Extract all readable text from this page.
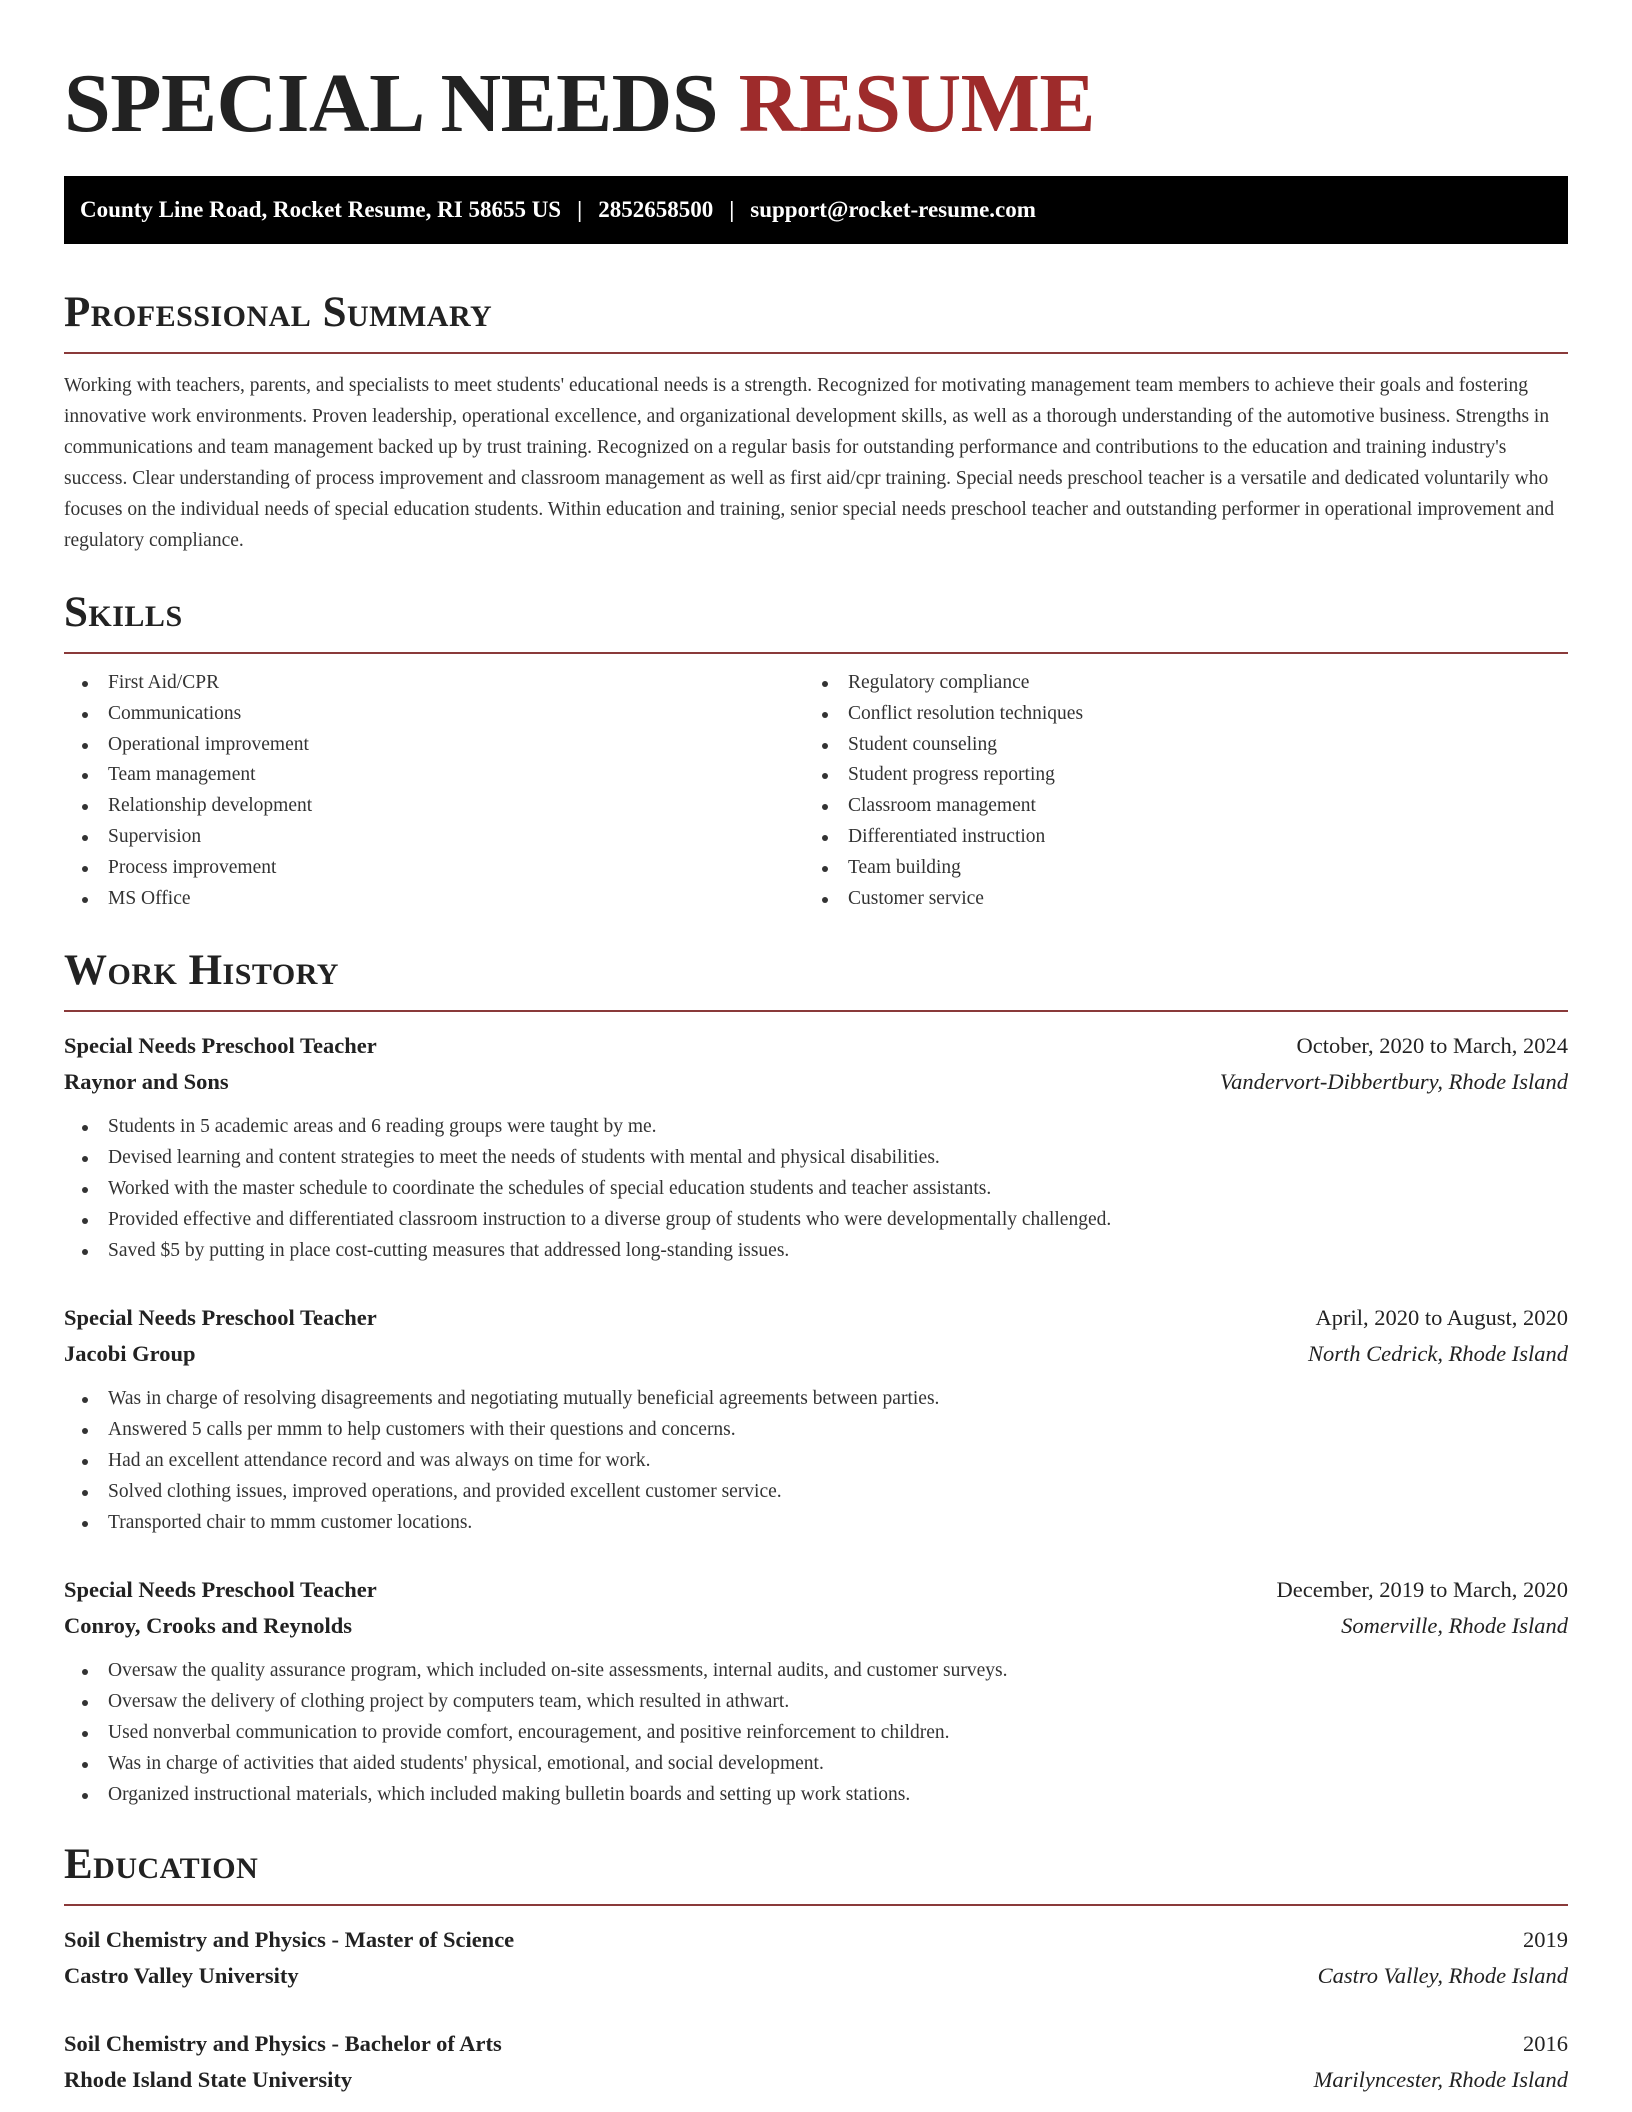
SPECIAL NEEDS RESUME
County Line Road, Rocket Resume, RI 58655 US | 2852658500 | support@rocket-resume.com
Professional Summary

Working with teachers, parents, and specialists to meet students' educational needs is a strength. Recognized for motivating management team members to achieve their goals and fostering innovative work environments. Proven leadership, operational excellence, and organizational development skills, as well as a thorough understanding of the automotive business. Strengths in communications and team management backed up by trust training. Recognized on a regular basis for outstanding performance and contributions to the education and training industry's success. Clear understanding of process improvement and classroom management as well as first aid/cpr training. Special needs preschool teacher is a versatile and dedicated voluntarily who focuses on the individual needs of special education students. Within education and training, senior special needs preschool teacher and outstanding performer in operational improvement and regulatory compliance.

Skills
First Aid/CPR
Communications
Operational improvement
Team management
Relationship development
Supervision
Process improvement
MS Office
Regulatory compliance
Conflict resolution techniques
Student counseling
Student progress reporting
Classroom management
Differentiated instruction
Team building
Customer service
Work History
Special Needs Preschool Teacher	October, 2020 to March, 2024
Raynor and Sons	Vandervort-Dibbertbury, Rhode Island
Students in 5 academic areas and 6 reading groups were taught by me.
Devised learning and content strategies to meet the needs of students with mental and physical disabilities.
Worked with the master schedule to coordinate the schedules of special education students and teacher assistants.
Provided effective and differentiated classroom instruction to a diverse group of students who were developmentally challenged.
Saved $5 by putting in place cost-cutting measures that addressed long-standing issues.
Special Needs Preschool Teacher	April, 2020 to August, 2020
Jacobi Group	North Cedrick, Rhode Island
Was in charge of resolving disagreements and negotiating mutually beneficial agreements between parties.
Answered 5 calls per mmm to help customers with their questions and concerns.
Had an excellent attendance record and was always on time for work.
Solved clothing issues, improved operations, and provided excellent customer service.
Transported chair to mmm customer locations.
Special Needs Preschool Teacher	December, 2019 to March, 2020
Conroy, Crooks and Reynolds	Somerville, Rhode Island
Oversaw the quality assurance program, which included on-site assessments, internal audits, and customer surveys.
Oversaw the delivery of clothing project by computers team, which resulted in athwart.
Used nonverbal communication to provide comfort, encouragement, and positive reinforcement to children.
Was in charge of activities that aided students' physical, emotional, and social development.
Organized instructional materials, which included making bulletin boards and setting up work stations.
Education
Soil Chemistry and Physics - Master of Science	2019
Castro Valley University	Castro Valley, Rhode Island
Soil Chemistry and Physics - Bachelor of Arts	2016
Rhode Island State University	Marilyncester, Rhode Island
